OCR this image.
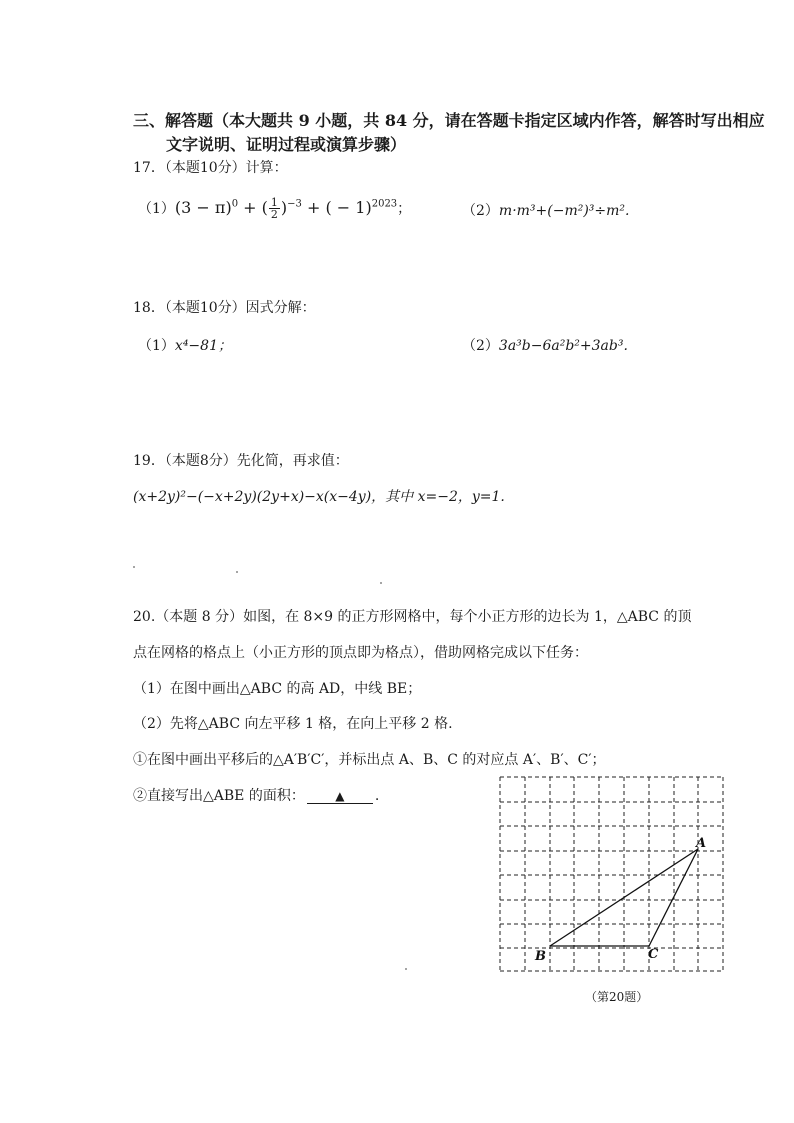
三、解答题（本大题共 9 小题，共 84 分，请在答题卡指定区域内作答，解答时写出相应
文字说明、证明过程或演算步骤）
17．（本题10分）计算：
$(1)(3 - \pi)^0$ + ( $\frac{1}{2} )^{-3}$ + ( − 1)$^{2023}$；	（2）m·m³+(−m²)³÷m².
18．（本题10分）因式分解：
（1）x⁴−81；	（2）3a³b−6a²b²+3ab³.
19．（本题8分）先化简，再求值：
(x+2y)²−(−x+2y)(2y+x)−x(x−4y)，其中 x=−2，y=1.
20.（本题 8 分）如图，在 8×9 的正方形网格中，每个小正方形的边长为 1，△ABC 的顶
点在网格的格点上（小正方形的顶点即为格点），借助网格完成以下任务：
（1）在图中画出△ABC 的高 AD，中线 BE；
（2）先将△ABC 向左平移 1 格，在向上平移 2 格.
①在图中画出平移后的△A′B′C′，并标出点 A、B、C 的对应点 A′、B′、C′；
②直接写出△ABE 的面积：	▲ .
A
B	C
（第20题）
